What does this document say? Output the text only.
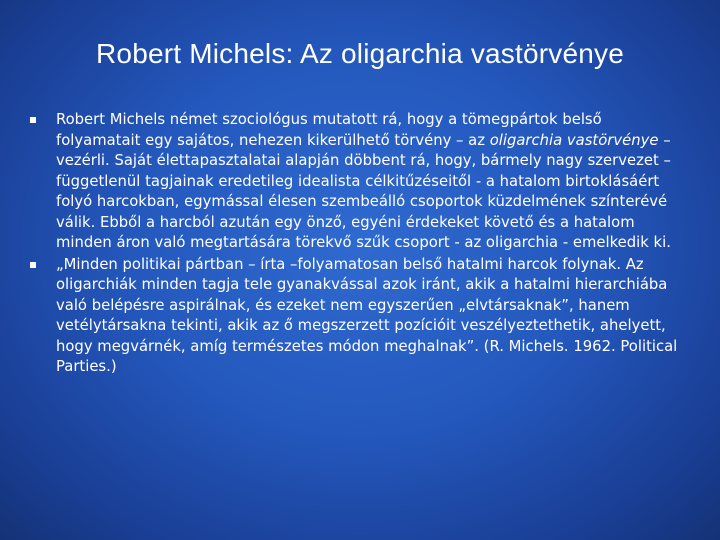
Robert Michels: Az oligarchia vastörvénye
Robert Michels német szociológus mutatott rá, hogy a tömegpártok belső folyamatait egy sajátos, nehezen kikerülhető törvény – az oligarchia vastörvénye – vezérli. Saját élettapasztalatai alapján döbbent rá, hogy, bármely nagy szervezet – függetlenül tagjainak eredetileg idealista célkitűzéseitől - a hatalom birtoklásáért folyó harcokban, egymással élesen szembeálló csoportok küzdelmének színterévé válik. Ebből a harcból azután egy önző, egyéni érdekeket követő és a hatalom minden áron való megtartására törekvő szűk csoport - az oligarchia - emelkedik ki.
„Minden politikai pártban – írta –folyamatosan belső hatalmi harcok folynak. Az oligarchiák minden tagja tele gyanakvással azok iránt, akik a hatalmi hierarchiába való belépésre aspirálnak, és ezeket nem egyszerűen „elvtársaknak”, hanem vetélytársakna tekinti, akik az ő megszerzett pozícióit veszélyeztethetik, ahelyett, hogy megvárnék, amíg természetes módon meghalnak”. (R. Michels. 1962. Political Parties.)
